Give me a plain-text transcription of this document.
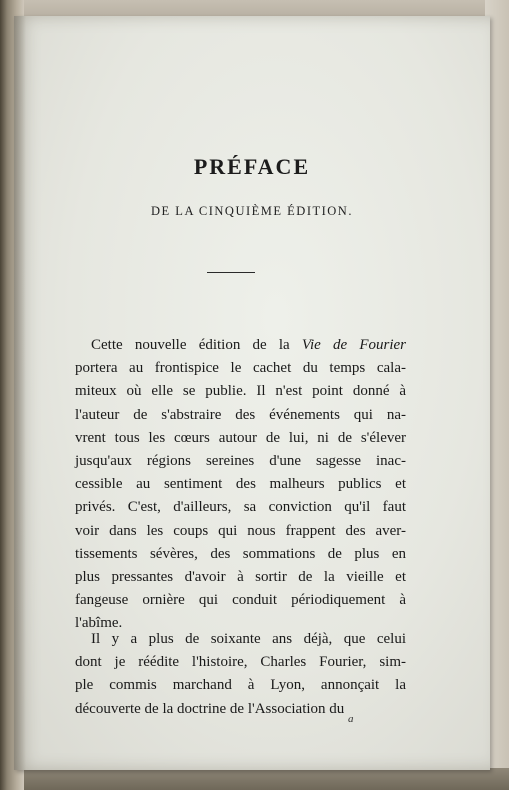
PRÉFACE
DE LA CINQUIÈME ÉDITION.
Cette nouvelle édition de la Vie de Fourier
portera au frontispice le cachet du temps cala-
miteux où elle se publie. Il n'est point donné à
l'auteur de s'abstraire des événements qui na-
vrent tous les cœurs autour de lui, ni de s'élever
jusqu'aux régions sereines d'une sagesse inac-
cessible au sentiment des malheurs publics et
privés. C'est, d'ailleurs, sa conviction qu'il faut
voir dans les coups qui nous frappent des aver-
tissements sévères, des sommations de plus en
plus pressantes d'avoir à sortir de la vieille et
fangeuse ornière qui conduit périodiquement à
l'abîme.
Il y a plus de soixante ans déjà, que celui
dont je réédite l'histoire, Charles Fourier, sim-
ple commis marchand à Lyon, annonçait la
découverte de la doctrine de l'Association du
a
